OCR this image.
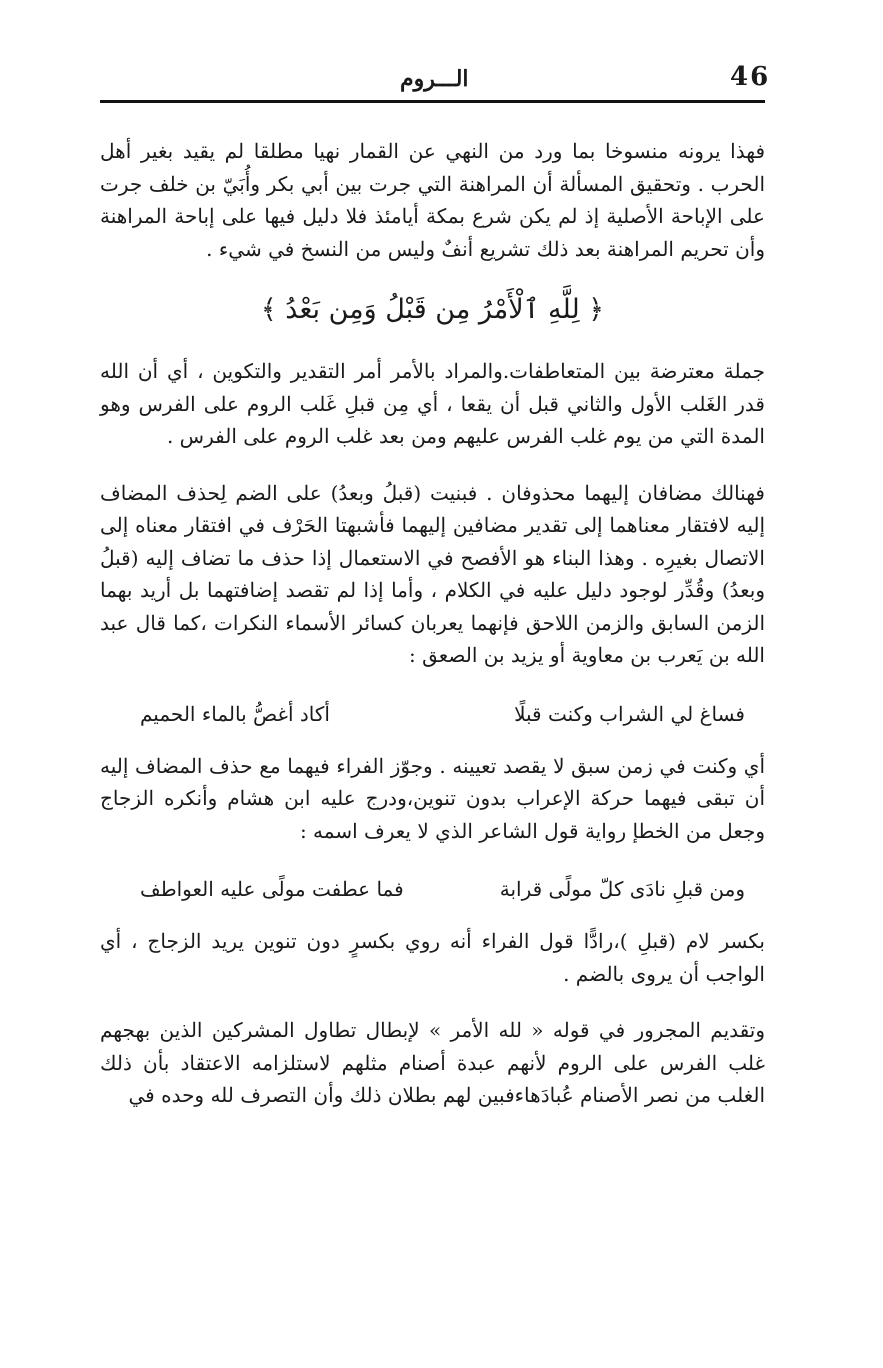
46
الـــروم

فهذا يرونه منسوخا بما ورد من النهي عن القمار نهيا مطلقا لم يقيد بغير أهل الحرب . وتحقيق المسألة أن المراهنة التي جرت بين أبي بكر وأُبَيّ بن خلف جرت على الإباحة الأصلية إذ لم يكن شرع بمكة أيامئذ فلا دليل فيها على إباحة المراهنة وأن تحريم المراهنة بعد ذلك تشريع أنفٌ وليس من النسخ في شيء .

﴿ لِلَّهِ ٱلْأَمْرُ مِن قَبْلُ وَمِن بَعْدُ ﴾

جملة معترضة بين المتعاطفات.والمراد بالأمر أمر التقدير والتكوين ، أي أن الله قدر الغَلب الأول والثاني قبل أن يقعا ، أي مِن قبلِ غَلب الروم على الفرس وهو المدة التي من يوم غلب الفرس عليهم ومن بعد غلب الروم على الفرس .

فهنالك مضافان إليهما محذوفان . فبنيت (قبلُ وبعدُ) على الضم لِحذف المضاف إليه لافتقار معناهما إلى تقدير مضافين إليهما فأشبهتا الحَرْف في افتقار معناه إلى الاتصال بغيرِه . وهذا البناء هو الأفصح في الاستعمال إذا حذف ما تضاف إليه (قبلُ وبعدُ) وقُدِّر لوجود دليل عليه في الكلام ، وأما إذا لم تقصد إضافتهما بل أريد بهما الزمن السابق والزمن اللاحق فإنهما يعربان كسائر الأسماء النكرات ،كما قال عبد الله بن يَعرب بن معاوية أو يزيد بن الصعق :

فساغ لي الشراب وكنت قبلًا
أكاد أغصُّ بالماء الحميم

أي وكنت في زمن سبق لا يقصد تعيينه . وجوّز الفراء فيهما مع حذف المضاف إليه أن تبقى فيهما حركة الإعراب بدون تنوين،ودرج عليه ابن هشام وأنكره الزجاج وجعل من الخطإ رواية قول الشاعر الذي لا يعرف اسمه :

ومن قبلِ نادَى كلّ مولًى قرابة
فما عطفت مولًى عليه العواطف

بكسر لام (قبلِ )،رادًّا قول الفراء أنه روي بكسرٍ دون تنوين يريد الزجاج ، أي الواجب أن يروى بالضم .

وتقديم المجرور في قوله « لله الأمر » لإبطال تطاول المشركين الذين بهجهم غلب الفرس على الروم لأنهم عبدة أصنام مثلهم لاستلزامه الاعتقاد بأن ذلك الغلب من نصر الأصنام عُبادَهاءفبين لهم بطلان ذلك وأن التصرف لله وحده في
